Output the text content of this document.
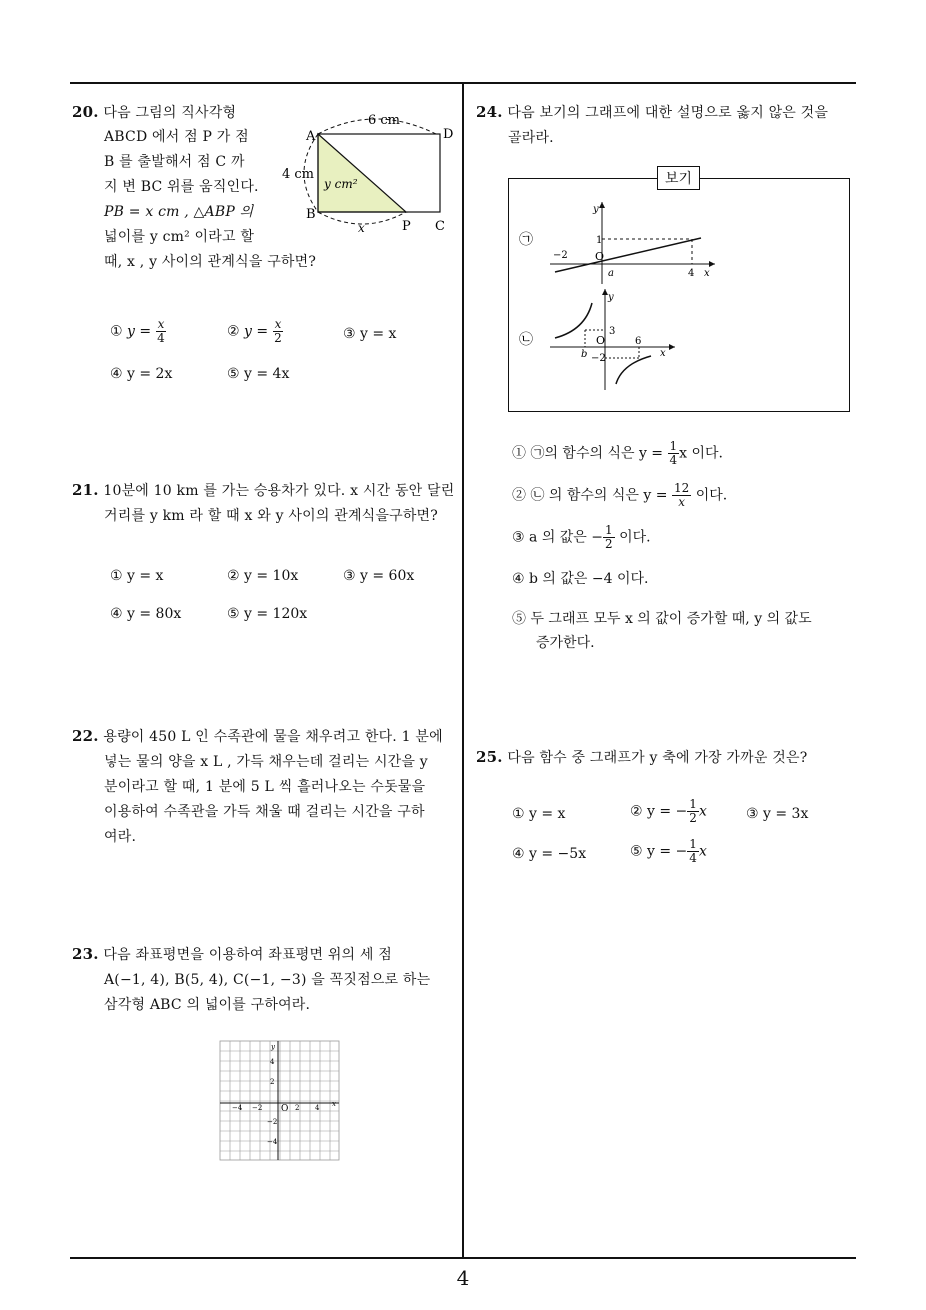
20. 다음 그림의 직사각형
ABCD 에서 점 P 가 점
B 를 출발해서 점 C 까
지 변 BC 위를 움직인다.
PB = x cm , △ABP 의
넓이를 y cm² 이라고 할
때, x , y 사이의 관계식을 구하면?
6 cm
4 cm
y cm²
x
A
B
C
D
P
① $y = \frac{x}{4}$	② $y = \frac{x}{2}$	③ y = x
④ y = 2x	⑤ y = 4x
21. 10분에 10 km 를 가는 승용차가 있다. x 시간 동안 달린
거리를 y km 라 할 때 x 와 y 사이의 관계식을구하면?
① y = x	② y = 10x	③ y = 60x
④ y = 80x	⑤ y = 120x
22. 용량이 450 L 인 수족관에 물을 채우려고 한다. 1 분에
넣는 물의 양을 x L , 가득 채우는데 걸리는 시간을 y
분이라고 할 때, 1 분에 5 L 씩 흘러나오는 수돗물을
이용하여 수족관을 가득 채울 때 걸리는 시간을 구하
여라.
23. 다음 좌표평면을 이용하여 좌표평면 위의 세 점
A(−1, 4), B(5, 4), C(−1, −3) 을 꼭짓점으로 하는
삼각형 ABC 의 넓이를 구하여라.
y
x
O
−4 −2	2 4
4
2
−2
−4
24. 다음 보기의 그래프에 대한 설명으로 옳지 않은 것을
골라라.
보기
㉠
y
x
O
1
−2
a	4
㉡
y
x
O
3
6
b −2
① ㉠의 함수의 식은 $y = \frac{1}{4}$ x 이다.
② ㉡ 의 함수의 식은 $y = \frac{12}{x}$ 이다.
③ a 의 값은 − $\frac{1}{2}$ 이다.
④ b 의 값은 −4 이다.
⑤ 두 그래프 모두 x 의 값이 증가할 때, y 의 값도
증가한다.
25. 다음 함수 중 그래프가 y 축에 가장 가까운 것은?
① y = x	② y = − $\frac{1}{2}$ x	③ y = 3x
④ y = −5x	⑤ y = − $\frac{1}{4}$ x
4
